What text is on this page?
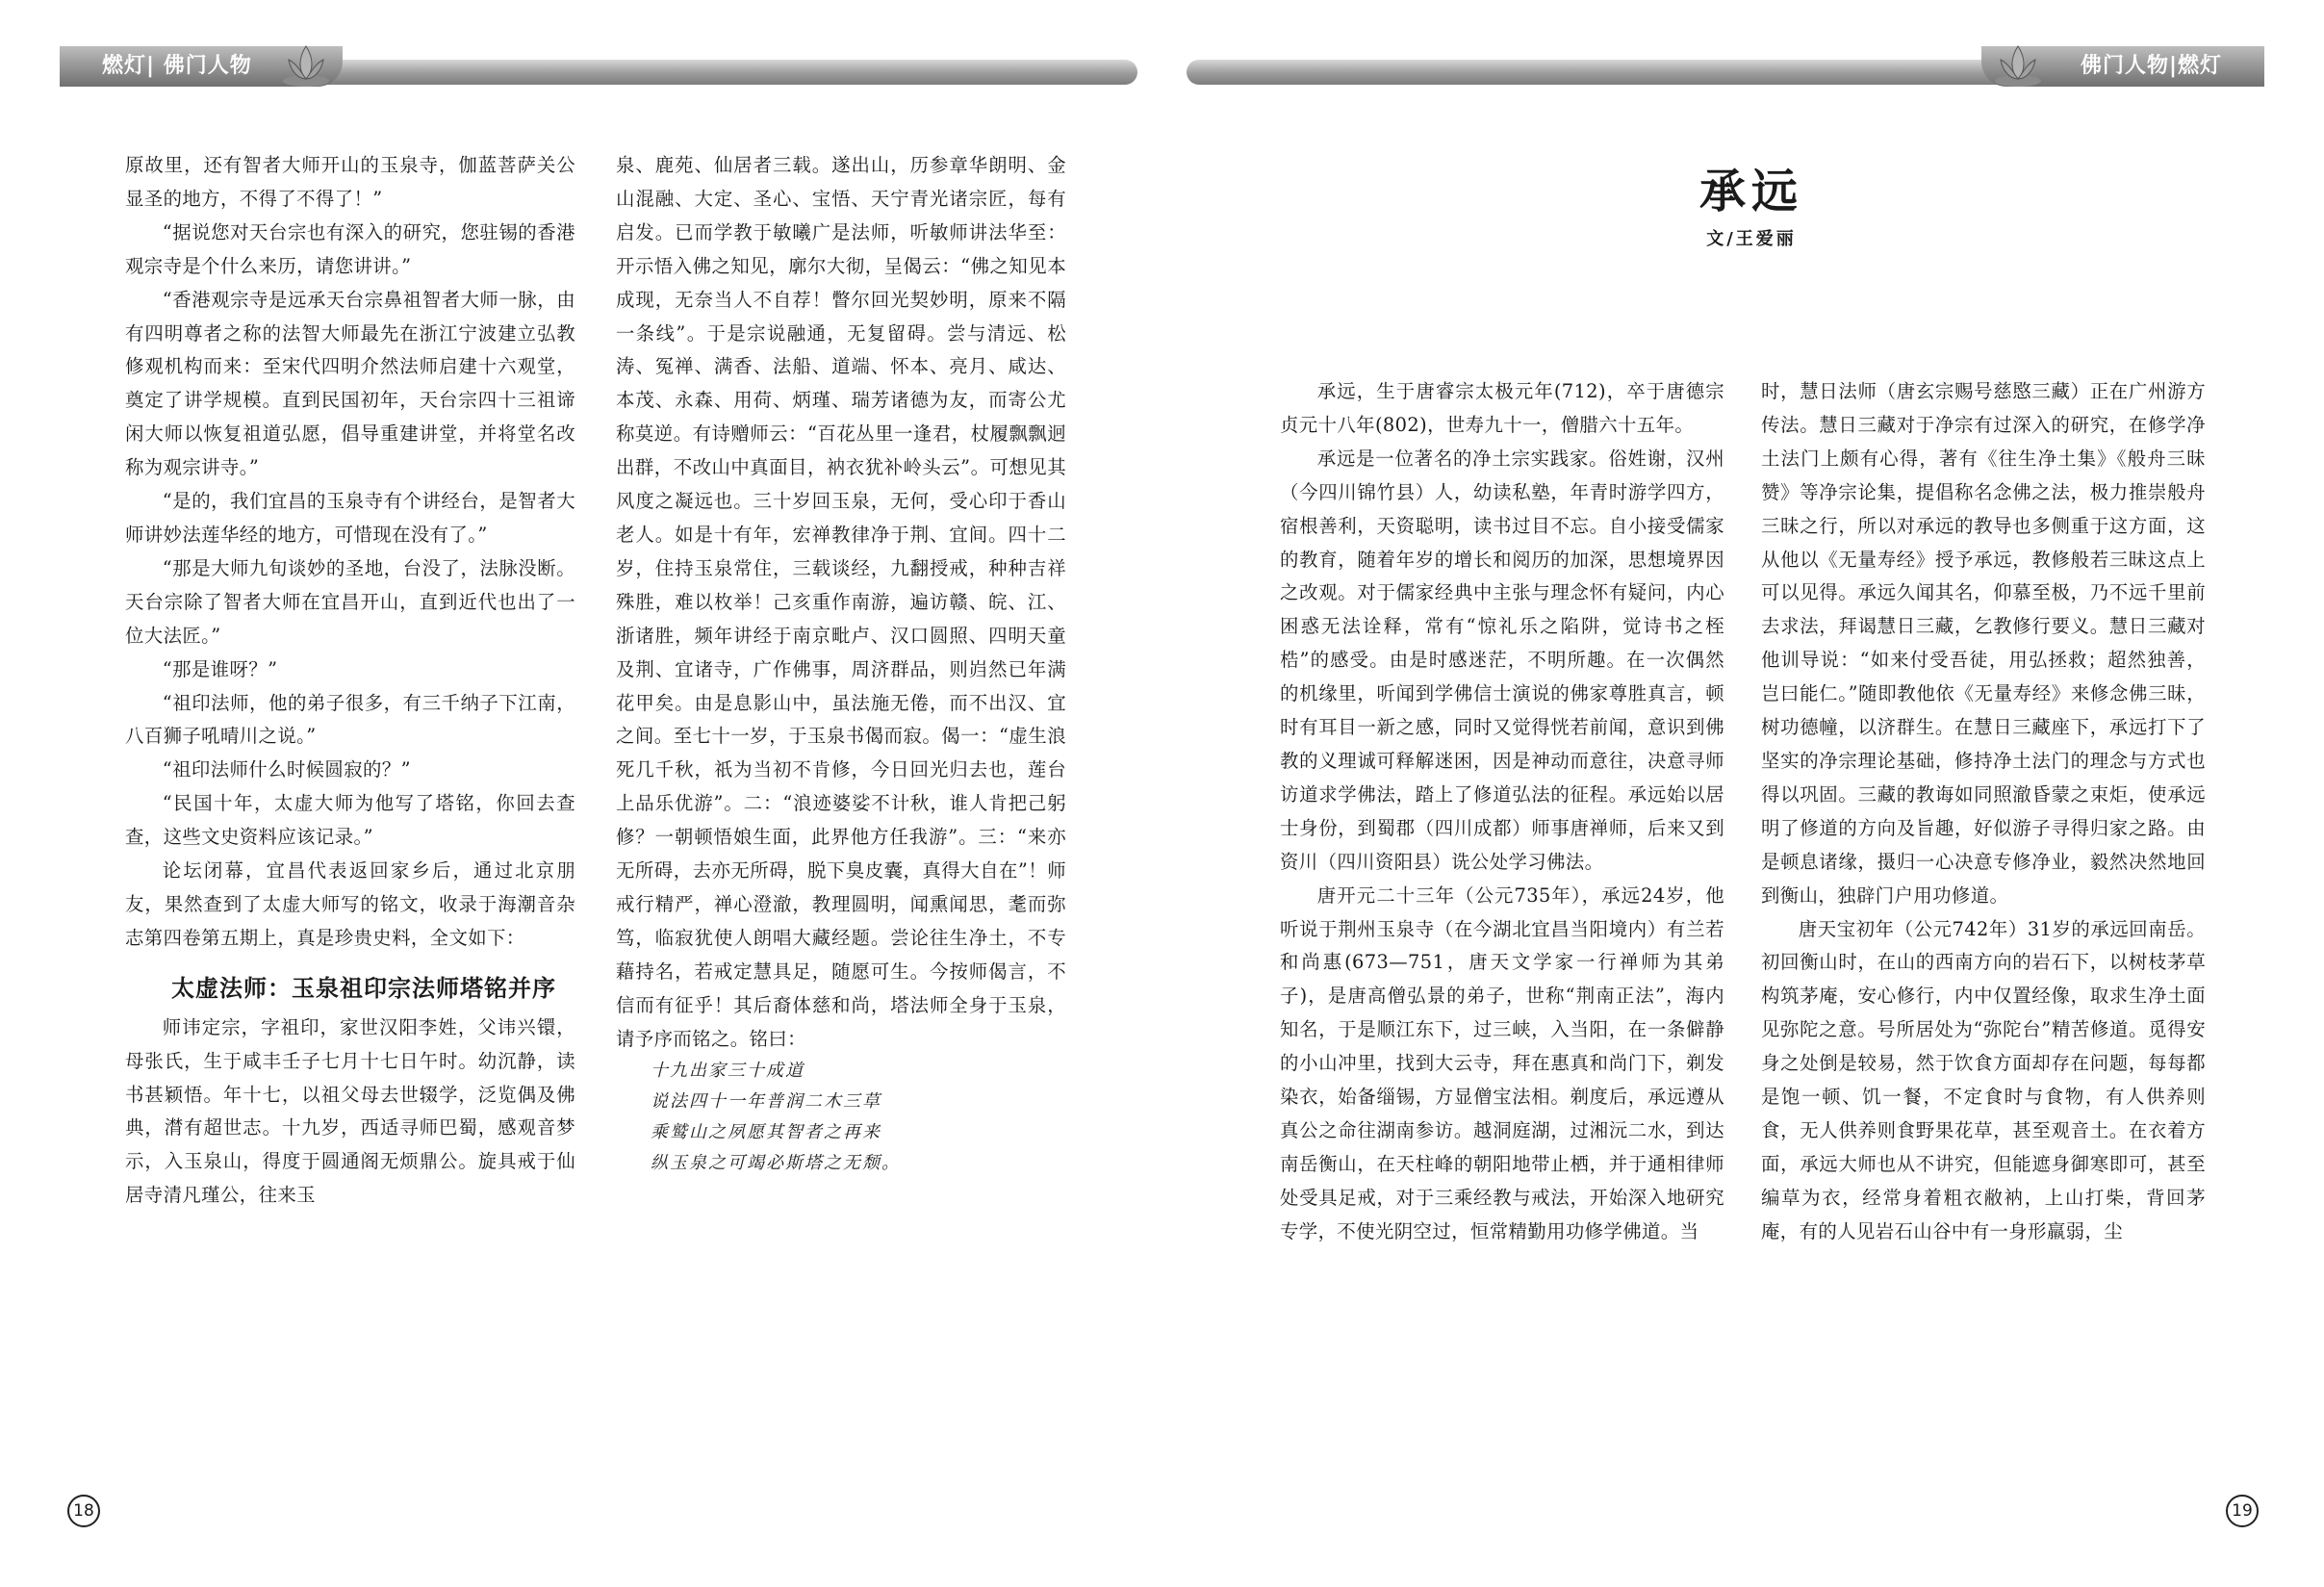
燃灯| 佛门人物

原故里，还有智者大师开山的玉泉寺，伽蓝菩萨关公显圣的地方，不得了不得了！”

“据说您对天台宗也有深入的研究，您驻锡的香港观宗寺是个什么来历，请您讲讲。”

“香港观宗寺是远承天台宗鼻祖智者大师一脉，由有四明尊者之称的法智大师最先在浙江宁波建立弘教修观机构而来：至宋代四明介然法师启建十六观堂，奠定了讲学规模。直到民国初年，天台宗四十三祖谛闲大师以恢复祖道弘愿，倡导重建讲堂，并将堂名改称为观宗讲寺。”

“是的，我们宜昌的玉泉寺有个讲经台，是智者大师讲妙法莲华经的地方，可惜现在没有了。”

“那是大师九旬谈妙的圣地，台没了，法脉没断。天台宗除了智者大师在宜昌开山，直到近代也出了一位大法匠。”

“那是谁呀？”

“祖印法师，他的弟子很多，有三千纳子下江南，八百狮子吼晴川之说。”

“祖印法师什么时候圆寂的？”

“民国十年，太虚大师为他写了塔铭，你回去查查，这些文史资料应该记录。”

论坛闭幕，宜昌代表返回家乡后，通过北京朋友，果然查到了太虚大师写的铭文，收录于海潮音杂志第四卷第五期上，真是珍贵史料，全文如下：

太虚法师：玉泉祖印宗法师塔铭并序

师讳定宗，字祖印，家世汉阳李姓，父讳兴镮，母张氏，生于咸丰壬子七月十七日午时。幼沉静，读书甚颖悟。年十七，以祖父母去世辍学，泛览偶及佛典，潸有超世志。十九岁，西适寻师巴蜀，感观音梦示，入玉泉山，得度于圆通阁无烦鼎公。旋具戒于仙居寺清凡瑾公，往来玉

泉、鹿苑、仙居者三载。遂出山，历参章华朗明、金山混融、大定、圣心、宝悟、天宁青光诸宗匠，每有启发。已而学教于敏曦广是法师，听敏师讲法华至：开示悟入佛之知见，廓尔大彻，呈偈云：“佛之知见本成现，无奈当人不自荐！瞥尔回光契妙明，原来不隔一条线”。于是宗说融通，无复留碍。尝与清远、松涛、冤禅、满香、法船、道端、怀本、亮月、咸达、本茂、永森、用荷、炳瑾、瑞芳诸德为友，而寄公尤称莫逆。有诗赠师云：“百花丛里一逢君，杖履飘飘迥出群，不改山中真面目，衲衣犹补岭头云”。可想见其风度之凝远也。三十岁回玉泉，无何，受心印于香山老人。如是十有年，宏禅教律净于荆、宜间。四十二岁，住持玉泉常住，三载谈经，九翻授戒，种种吉祥殊胜，难以枚举！己亥重作南游，遍访赣、皖、江、浙诸胜，频年讲经于南京毗卢、汉口圆照、四明天童及荆、宜诸寺，广作佛事，周济群品，则岿然已年满花甲矣。由是息影山中，虽法施无倦，而不出汉、宜之间。至七十一岁，于玉泉书偈而寂。偈一：“虚生浪死几千秋，祇为当初不肯修，今日回光归去也，莲台上品乐优游”。二：“浪迹婆娑不计秋，谁人肯把己躬修？一朝顿悟娘生面，此界他方任我游”。三：“来亦无所碍，去亦无所碍，脱下臭皮囊，真得大自在”！师戒行精严，禅心澄澈，教理圆明，闻熏闻思，耄而弥笃，临寂犹使人朗唱大藏经题。尝论往生净土，不专藉持名，若戒定慧具足，随愿可生。今按师偈言，不信而有征乎！其后裔体慈和尚，塔法师全身于玉泉，请予序而铭之。铭曰：

十九出家三十成道
说法四十一年普润二木三草
乘鹫山之夙愿其智者之再来
纵玉泉之可竭必斯塔之无颓。
18
佛门人物|燃灯
承远
文/王爱丽

承远，生于唐睿宗太极元年(712)，卒于唐德宗贞元十八年(802)，世寿九十一，僧腊六十五年。

承远是一位著名的净土宗实践家。俗姓谢，汉州（今四川锦竹县）人，幼读私塾，年青时游学四方，宿根善利，天资聪明，读书过目不忘。自小接受儒家的教育，随着年岁的增长和阅历的加深，思想境界因之改观。对于儒家经典中主张与理念怀有疑问，内心困惑无法诠释，常有“惊礼乐之陷阱，觉诗书之桎梏”的感受。由是时感迷茫，不明所趣。在一次偶然的机缘里，听闻到学佛信士演说的佛家尊胜真言，顿时有耳目一新之感，同时又觉得恍若前闻，意识到佛教的义理诚可释解迷困，因是神动而意往，决意寻师访道求学佛法，踏上了修道弘法的征程。承远始以居士身份，到蜀郡（四川成都）师事唐禅师，后来又到资川（四川资阳县）诜公处学习佛法。

唐开元二十三年（公元735年），承远24岁，他听说于荆州玉泉寺（在今湖北宜昌当阳境内）有兰若和尚惠(673—751，唐天文学家一行禅师为其弟子)，是唐高僧弘景的弟子，世称“荆南正法”，海内知名，于是顺江东下，过三峡，入当阳，在一条僻静的小山冲里，找到大云寺，拜在惠真和尚门下，剃发染衣，始备缁锡，方显僧宝法相。剃度后，承远遵从真公之命往湖南参访。越洞庭湖，过湘沅二水，到达南岳衡山，在天柱峰的朝阳地带止栖，并于通相律师处受具足戒，对于三乘经教与戒法，开始深入地研究专学，不使光阴空过，恒常精勤用功修学佛道。当

时，慧日法师（唐玄宗赐号慈愍三藏）正在广州游方传法。慧日三藏对于净宗有过深入的研究，在修学净土法门上颇有心得，著有《往生净土集》《般舟三昧赞》等净宗论集，提倡称名念佛之法，极力推崇般舟三昧之行，所以对承远的教导也多侧重于这方面，这从他以《无量寿经》授予承远，教修般若三昧这点上可以见得。承远久闻其名，仰慕至极，乃不远千里前去求法，拜谒慧日三藏，乞教修行要义。慧日三藏对他训导说：“如来付受吾徒，用弘拯救；超然独善，岂曰能仁。”随即教他依《无量寿经》来修念佛三昧，树功德幢，以济群生。在慧日三藏座下，承远打下了坚实的净宗理论基础，修持净土法门的理念与方式也得以巩固。三藏的教诲如同照澈昏蒙之束炬，使承远明了修道的方向及旨趣，好似游子寻得归家之路。由是顿息诸缘，摄归一心决意专修净业，毅然决然地回到衡山，独辟门户用功修道。

唐天宝初年（公元742年）31岁的承远回南岳。初回衡山时，在山的西南方向的岩石下，以树枝茅草构筑茅庵，安心修行，内中仅置经像，取求生净土面见弥陀之意。号所居处为“弥陀台”精苦修道。觅得安身之处倒是较易，然于饮食方面却存在问题，每每都是饱一顿、饥一餐，不定食时与食物，有人供养则食，无人供养则食野果花草，甚至观音土。在衣着方面，承远大师也从不讲究，但能遮身御寒即可，甚至编草为衣，经常身着粗衣敝衲，上山打柴，背回茅庵，有的人见岩石山谷中有一身形羸弱，尘

19
